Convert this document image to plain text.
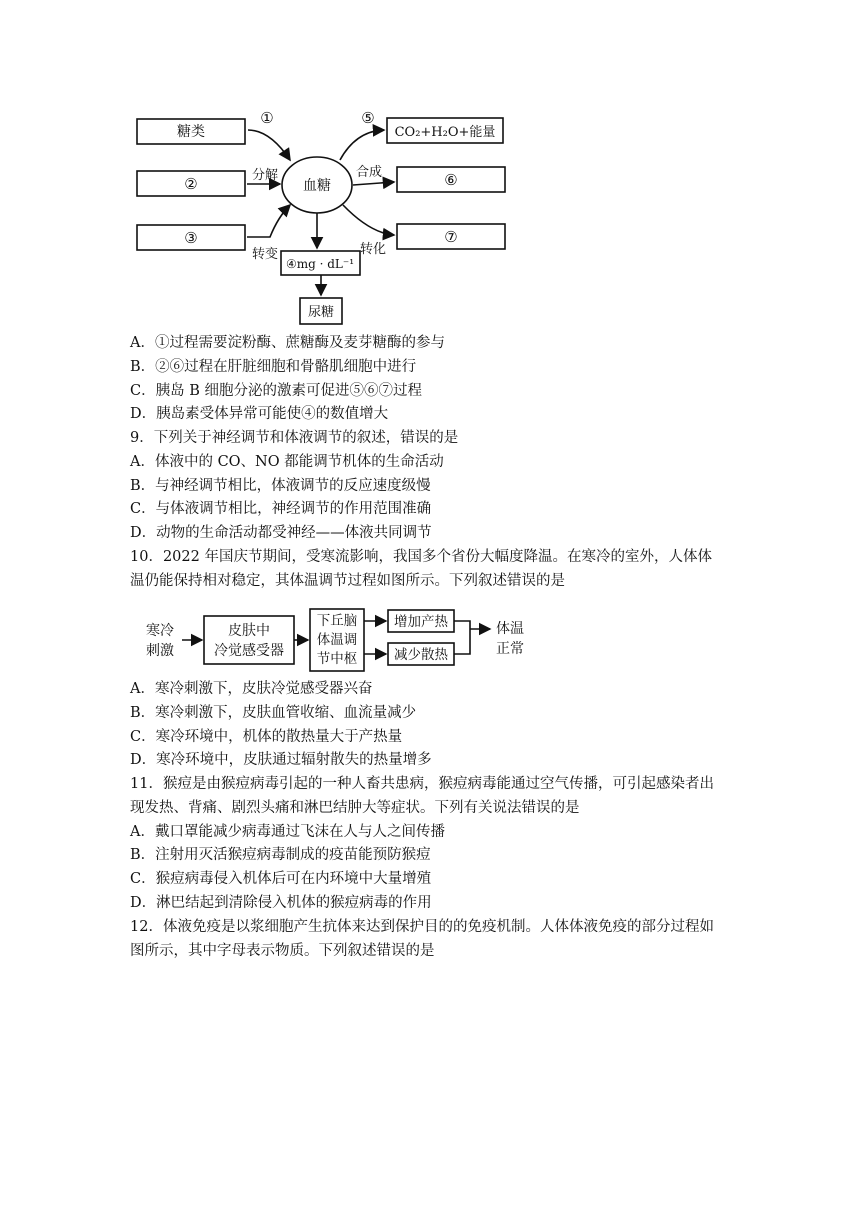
糖类
②
③
①
分解
转变
血糖
⑤
CO₂+H₂O+能量
合成	⑥
转化
⑦
④mg · dL⁻¹
尿糖
A．①过程需要淀粉酶、蔗糖酶及麦芽糖酶的参与
B．②⑥过程在肝脏细胞和骨骼肌细胞中进行
C．胰岛 B 细胞分泌的激素可促进⑤⑥⑦过程
D．胰岛素受体异常可能使④的数值增大
9．下列关于神经调节和体液调节的叙述，错误的是
A．体液中的 CO、NO 都能调节机体的生命活动
B．与神经调节相比，体液调节的反应速度级慢
C．与体液调节相比，神经调节的作用范围准确
D．动物的生命活动都受神经——体液共同调节
10．2022 年国庆节期间，受寒流影响，我国多个省份大幅度降温。在寒冷的室外，人体体
温仍能保持相对稳定，其体温调节过程如图所示。下列叙述错误的是
寒冷
刺激
皮肤中
冷觉感受器
下丘脑
体温调
节中枢
增加产热
减少散热
体温
正常
A．寒冷刺激下，皮肤冷觉感受器兴奋
B．寒冷刺激下，皮肤血管收缩、血流量减少
C．寒冷环境中，机体的散热量大于产热量
D．寒冷环境中，皮肤通过辐射散失的热量增多
11．猴痘是由猴痘病毒引起的一种人畜共患病，猴痘病毒能通过空气传播，可引起感染者出
现发热、背痛、剧烈头痛和淋巴结肿大等症状。下列有关说法错误的是
A．戴口罩能减少病毒通过飞沫在人与人之间传播
B．注射用灭活猴痘病毒制成的疫苗能预防猴痘
C．猴痘病毒侵入机体后可在内环境中大量增殖
D．淋巴结起到清除侵入机体的猴痘病毒的作用
12．体液免疫是以浆细胞产生抗体来达到保护目的的免疫机制。人体体液免疫的部分过程如
图所示，其中字母表示物质。下列叙述错误的是
